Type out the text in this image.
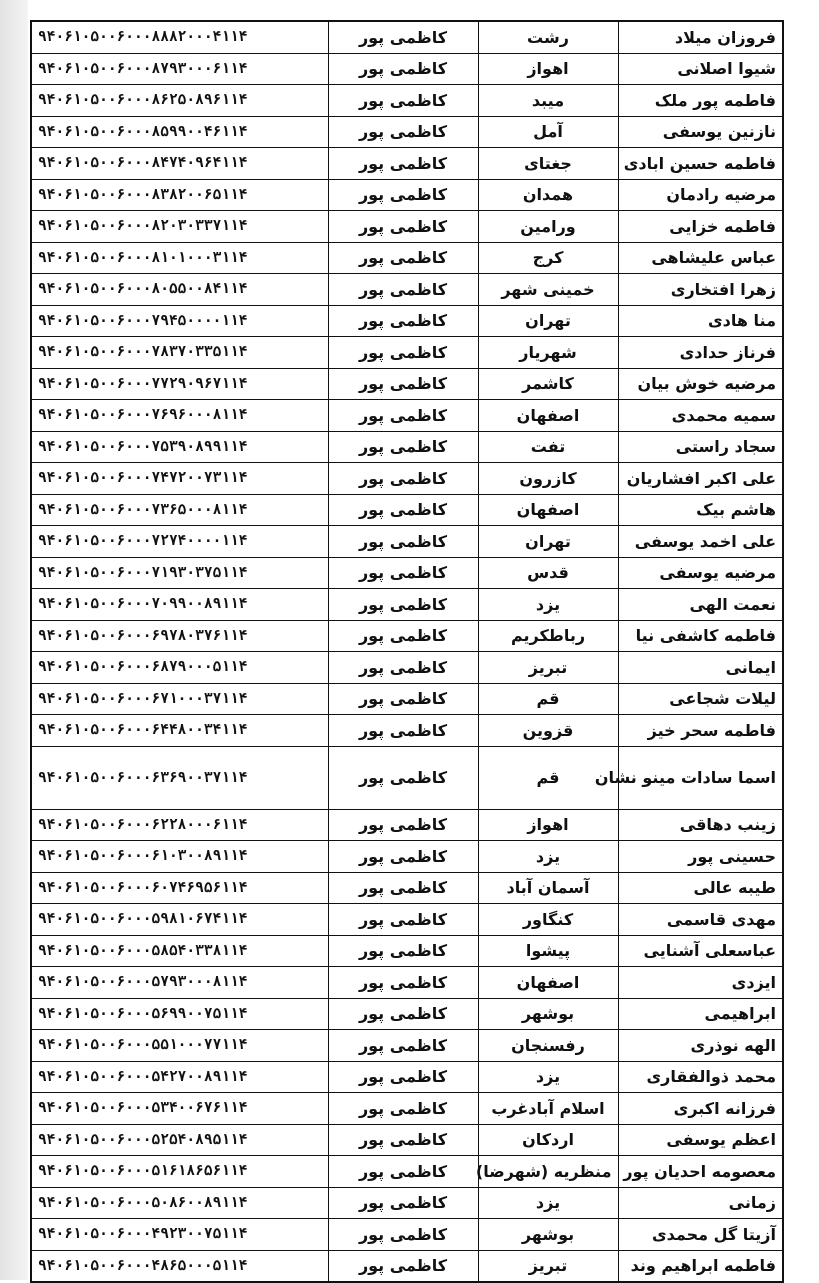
فروزان میلاد	رشت	کاظمی پور	۹۴۰۶۱۰۵۰۰۶۰۰۰۸۸۸۲۰۰۰۴۱۱۴
شیوا اصلانی	اهواز	کاظمی پور	۹۴۰۶۱۰۵۰۰۶۰۰۰۸۷۹۳۰۰۰۶۱۱۴
فاطمه پور ملک	میبد	کاظمی پور	۹۴۰۶۱۰۵۰۰۶۰۰۰۸۶۲۵۰۸۹۶۱۱۴
نازنین یوسفی	آمل	کاظمی پور	۹۴۰۶۱۰۵۰۰۶۰۰۰۸۵۹۹۰۰۴۶۱۱۴
فاطمه حسین ابادی	جغتای	کاظمی پور	۹۴۰۶۱۰۵۰۰۶۰۰۰۸۴۷۴۰۹۶۴۱۱۴
مرضیه رادمان	همدان	کاظمی پور	۹۴۰۶۱۰۵۰۰۶۰۰۰۸۳۸۲۰۰۶۵۱۱۴
فاطمه خزایی	ورامین	کاظمی پور	۹۴۰۶۱۰۵۰۰۶۰۰۰۸۲۰۳۰۳۳۷۱۱۴
عباس علیشاهی	کرج	کاظمی پور	۹۴۰۶۱۰۵۰۰۶۰۰۰۸۱۰۱۰۰۰۳۱۱۴
زهرا افتخاری	خمینی شهر	کاظمی پور	۹۴۰۶۱۰۵۰۰۶۰۰۰۸۰۵۵۰۰۸۴۱۱۴
منا هادی	تهران	کاظمی پور	۹۴۰۶۱۰۵۰۰۶۰۰۰۷۹۴۵۰۰۰۰۱۱۴
فرناز حدادی	شهریار	کاظمی پور	۹۴۰۶۱۰۵۰۰۶۰۰۰۷۸۳۷۰۳۳۵۱۱۴
مرضیه خوش بیان	کاشمر	کاظمی پور	۹۴۰۶۱۰۵۰۰۶۰۰۰۷۷۲۹۰۹۶۷۱۱۴
سمیه محمدی	اصفهان	کاظمی پور	۹۴۰۶۱۰۵۰۰۶۰۰۰۷۶۹۶۰۰۰۸۱۱۴
سجاد راستی	تفت	کاظمی پور	۹۴۰۶۱۰۵۰۰۶۰۰۰۷۵۳۹۰۸۹۹۱۱۴
علی اکبر افشاریان	کازرون	کاظمی پور	۹۴۰۶۱۰۵۰۰۶۰۰۰۷۴۷۲۰۰۷۳۱۱۴
هاشم بیک	اصفهان	کاظمی پور	۹۴۰۶۱۰۵۰۰۶۰۰۰۷۳۶۵۰۰۰۸۱۱۴
علی اخمد یوسفی	تهران	کاظمی پور	۹۴۰۶۱۰۵۰۰۶۰۰۰۷۲۷۴۰۰۰۰۱۱۴
مرضیه یوسفی	قدس	کاظمی پور	۹۴۰۶۱۰۵۰۰۶۰۰۰۷۱۹۳۰۳۷۵۱۱۴
نعمت الهی	یزد	کاظمی پور	۹۴۰۶۱۰۵۰۰۶۰۰۰۷۰۹۹۰۰۸۹۱۱۴
فاطمه کاشفی نیا	رباطکریم	کاظمی پور	۹۴۰۶۱۰۵۰۰۶۰۰۰۶۹۷۸۰۳۷۶۱۱۴
ایمانی	تبریز	کاظمی پور	۹۴۰۶۱۰۵۰۰۶۰۰۰۶۸۷۹۰۰۰۵۱۱۴
لیلات شجاعی	قم	کاظمی پور	۹۴۰۶۱۰۵۰۰۶۰۰۰۶۷۱۰۰۰۳۷۱۱۴
فاطمه سحر خیز	قزوین	کاظمی پور	۹۴۰۶۱۰۵۰۰۶۰۰۰۶۴۴۸۰۰۳۴۱۱۴
اسما سادات مینو نشان	قم	کاظمی پور	۹۴۰۶۱۰۵۰۰۶۰۰۰۶۳۶۹۰۰۳۷۱۱۴
زینب دهاقی	اهواز	کاظمی پور	۹۴۰۶۱۰۵۰۰۶۰۰۰۶۲۲۸۰۰۰۶۱۱۴
حسینی پور	یزد	کاظمی پور	۹۴۰۶۱۰۵۰۰۶۰۰۰۶۱۰۳۰۰۸۹۱۱۴
طیبه عالی	آسمان آباد	کاظمی پور	۹۴۰۶۱۰۵۰۰۶۰۰۰۶۰۷۴۶۹۵۶۱۱۴
مهدی قاسمی	کنگاور	کاظمی پور	۹۴۰۶۱۰۵۰۰۶۰۰۰۵۹۸۱۰۶۷۴۱۱۴
عباسعلی آشنایی	پیشوا	کاظمی پور	۹۴۰۶۱۰۵۰۰۶۰۰۰۵۸۵۴۰۳۳۸۱۱۴
ایزدی	اصفهان	کاظمی پور	۹۴۰۶۱۰۵۰۰۶۰۰۰۵۷۹۳۰۰۰۸۱۱۴
ابراهیمی	بوشهر	کاظمی پور	۹۴۰۶۱۰۵۰۰۶۰۰۰۵۶۹۹۰۰۷۵۱۱۴
الهه نوذری	رفسنجان	کاظمی پور	۹۴۰۶۱۰۵۰۰۶۰۰۰۵۵۱۰۰۰۷۷۱۱۴
محمد ذوالفقاری	یزد	کاظمی پور	۹۴۰۶۱۰۵۰۰۶۰۰۰۵۴۲۷۰۰۸۹۱۱۴
فرزانه اکبری	اسلام آبادغرب	کاظمی پور	۹۴۰۶۱۰۵۰۰۶۰۰۰۵۳۴۰۰۶۷۶۱۱۴
اعظم یوسفی	اردکان	کاظمی پور	۹۴۰۶۱۰۵۰۰۶۰۰۰۵۲۵۴۰۸۹۵۱۱۴
معصومه احدیان پور	منظریه (شهرضا)	کاظمی پور	۹۴۰۶۱۰۵۰۰۶۰۰۰۵۱۶۱۸۶۵۶۱۱۴
زمانی	یزد	کاظمی پور	۹۴۰۶۱۰۵۰۰۶۰۰۰۵۰۸۶۰۰۸۹۱۱۴
آزیتا گل محمدی	بوشهر	کاظمی پور	۹۴۰۶۱۰۵۰۰۶۰۰۰۴۹۲۳۰۰۷۵۱۱۴
فاطمه ابراهیم وند	تبریز	کاظمی پور	۹۴۰۶۱۰۵۰۰۶۰۰۰۴۸۶۵۰۰۰۵۱۱۴
